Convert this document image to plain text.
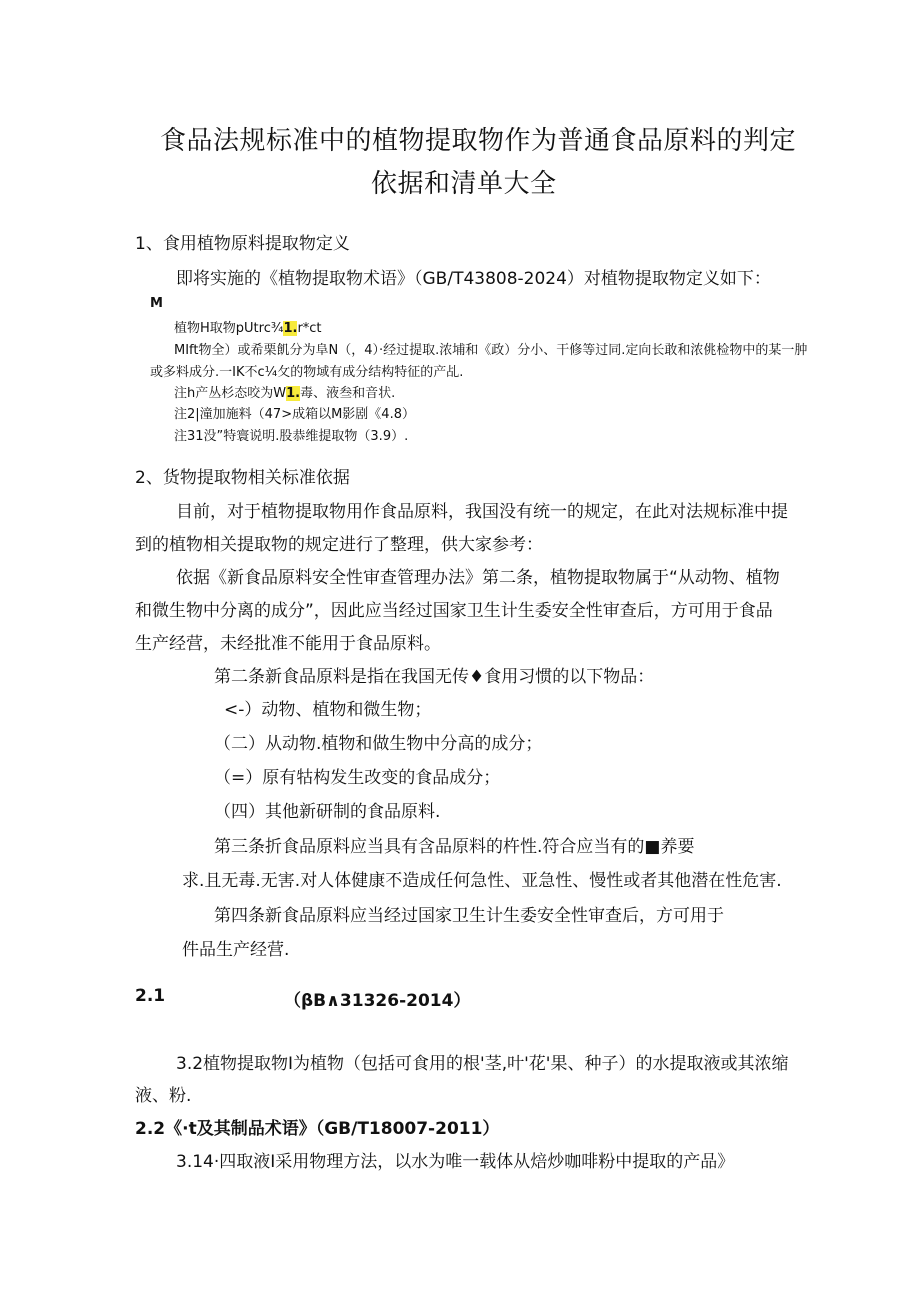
食品法规标准中的植物提取物作为普通食品原料的判定
依据和清单大全
1、食用植物原料提取物定义
即将实施的《植物提取物术语》（GB/T43808-2024）对植物提取物定义如下：
M
植物H取物pUtrc¾1.r*ct
MIft物全）或希栗飢分为阜N（，4）·经过提取.浓埔和《政）分小、干修等过同.定向长敢和浓佻检物中的某一肿
或多料成分.一IK不c¼攵的物域有成分结构特征的产乩.
注h产丛杉态咬为W1.毒、液叁和音状.
注2|潼加施料（47>成箱以M影剧《4.8）
注31没”特寰说明.股恭维提取物（3.9）.
2、货物提取物相关标准依据
目前，对于植物提取物用作食品原料，我国没有统一的规定，在此对法规标准中提
到的植物相关提取物的规定进行了整理，供大家参考：
依据《新食品原料安全性审查管理办法》第二条，植物提取物属于“从动物、植物
和微生物中分离的成分”，因此应当经过国家卫生计生委安全性审查后，方可用于食品
生产经营，未经批准不能用于食品原料。
第二条新食品原料是指在我国无传♦食用习惯的以下物品：
<-）动物、植物和微生物；
（二）从动物.植物和做生物中分高的成分；
（=）原有牯构发生改变的食品成分；
（四）其他新研制的食品原料.
第三条折食品原料应当具有含品原料的杵性.符合应当有的■养要
求.且无毒.无害.对人体健康不造成任何急性、亚急性、慢性或者其他潜在性危害.
第四条新食品原料应当经过国家卫生计生委安全性审查后，方可用于
件品生产经营.
2.1	（βB∧31326-2014）
3.2植物提取物I为植物（包括可食用的根'茎,叶'花'果、种子）的水提取液或其浓缩
液、粉.
2.2《·t及其制品术语》（GB/T18007-2011）
3.14·四取液I采用物理方法，以水为唯一载体从焙炒咖啡粉中提取的产品》
